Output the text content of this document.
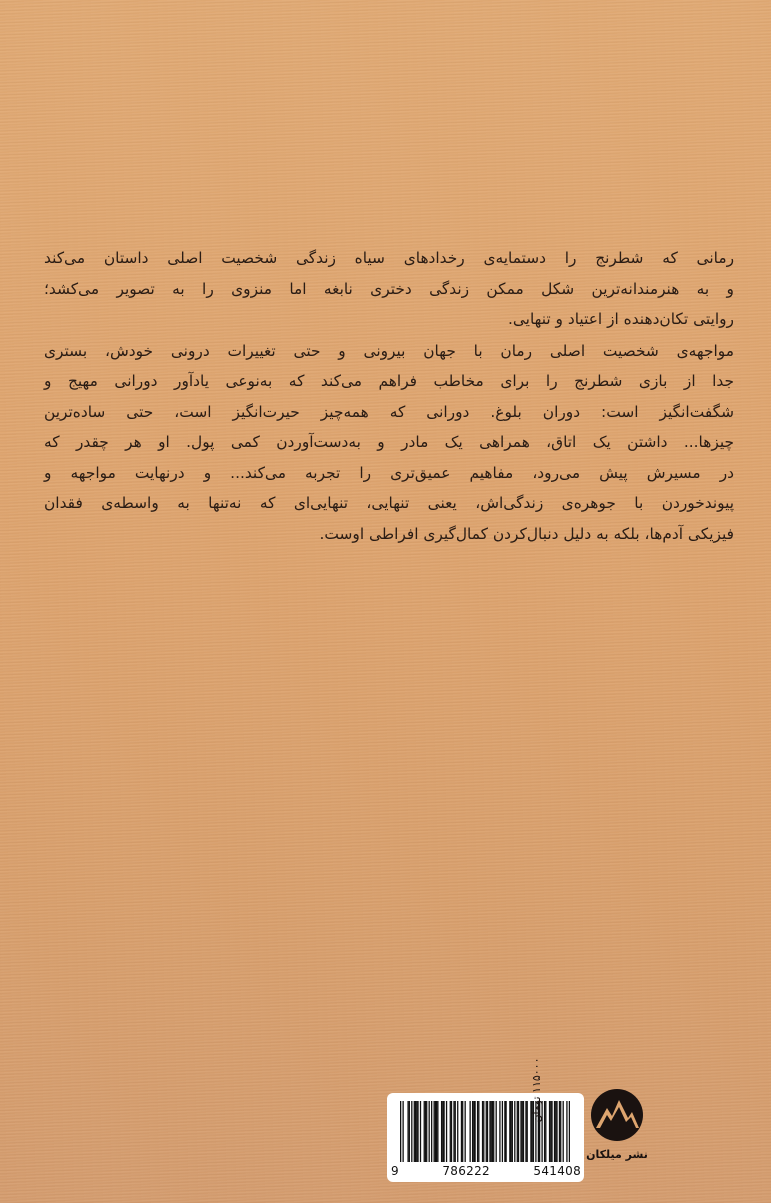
رمانی که شطرنج را دستمایه‌ی رخدادهای سیاه زندگی شخصیت اصلی داستان می‌کند
و به هنرمندانه‌ترین شکل ممکن زندگی دختری نابغه اما منزوی را به تصویر می‌کشد؛
روایتی تکان‌دهنده از اعتیاد و تنهایی.
مواجهه‌ی شخصیت اصلی رمان با جهان بیرونی و حتی تغییرات درونی خودش، بستری
جدا از بازی شطرنج را برای مخاطب فراهم می‌کند که به‌نوعی یادآور دورانی مهیج و
شگفت‌انگیز است: دوران بلوغ. دورانی که همه‌چیز حیرت‌انگیز است، حتی ساده‌ترین
چیزها... داشتن یک اتاق، همراهی یک مادر و به‌دست‌آوردن کمی پول. او هر چقدر که
در مسیرش پیش می‌رود، مفاهیم عمیق‌تری را تجربه می‌کند... و درنهایت مواجهه و
پیوندخوردن با جوهره‌ی زندگی‌اش، یعنی تنهایی، تنهایی‌ای که نه‌تنها به واسطه‌ی فقدان
فیزیکی آدم‌ها، بلکه به دلیل دنبال‌کردن کمال‌گیری افراطی اوست.
نشر میلکان
9	786222	541408
۱۱۵۰۰۰ تومان
